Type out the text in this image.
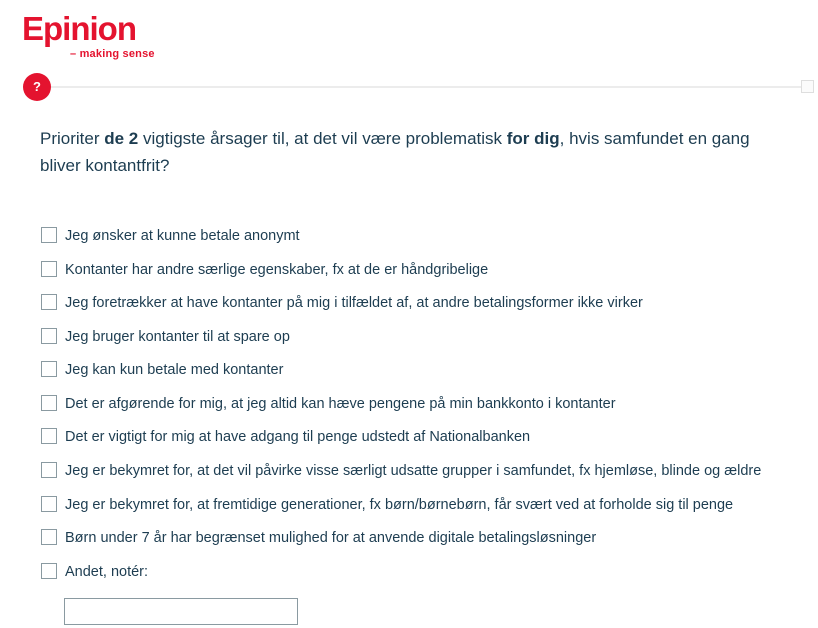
Epinion
– making sense
?
Prioriter de 2 vigtigste årsager til, at det vil være problematisk for dig, hvis samfundet en gang bliver kontantfrit?
Jeg ønsker at kunne betale anonymt
Kontanter har andre særlige egenskaber, fx at de er håndgribelige
Jeg foretrækker at have kontanter på mig i tilfældet af, at andre betalingsformer ikke virker
Jeg bruger kontanter til at spare op
Jeg kan kun betale med kontanter
Det er afgørende for mig, at jeg altid kan hæve pengene på min bankkonto i kontanter
Det er vigtigt for mig at have adgang til penge udstedt af Nationalbanken
Jeg er bekymret for, at det vil påvirke visse særligt udsatte grupper i samfundet, fx hjemløse, blinde og ældre
Jeg er bekymret for, at fremtidige generationer, fx børn/børnebørn, får svært ved at forholde sig til penge
Børn under 7 år har begrænset mulighed for at anvende digitale betalingsløsninger
Andet, notér:
